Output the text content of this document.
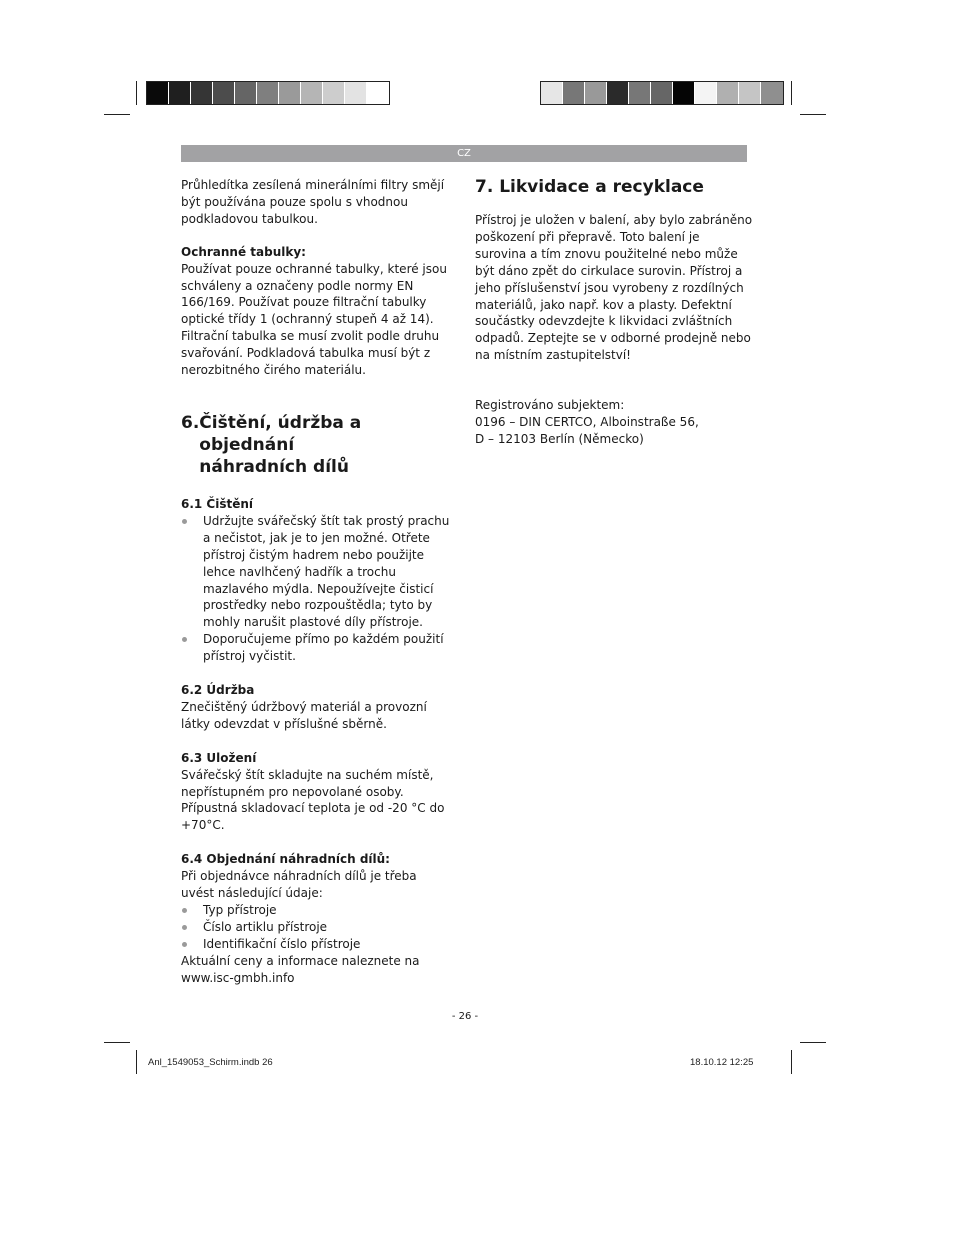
CZ

Průhledítka zesílená minerálními filtry smějí být používána pouze spolu s vhodnou podkladovou tabulkou.

Ochranné tabulky:

Používat pouze ochranné tabulky, které jsou schváleny a označeny podle normy EN 166/169. Používat pouze filtrační tabulky optické třídy 1 (ochranný stupeň 4 až 14). Filtrační tabulka se musí zvolit podle druhu svařování. Podkladová tabulka musí být z nerozbitného čirého materiálu.

6. Čištění, údržba a objednání
náhradních dílů

6.1 Čištění

Udržujte svářečský štít tak prostý prachu a nečistot, jak je to jen možné. Otřete přístroj čistým hadrem nebo použijte lehce navlhčený hadřík a trochu mazlavého mýdla. Nepoužívejte čisticí prostředky nebo rozpouštědla; tyto by mohly narušit plastové díly přístroje.
Doporučujeme přímo po každém použití přístroj vyčistit.

6.2 Údržba

Znečištěný údržbový materiál a provozní látky odevzdat v příslušné sběrně.

6.3 Uložení

Svářečský štít skladujte na suchém místě, nepřístupném pro nepovolané osoby. Přípustná skladovací teplota je od -20 °C do +70°C.

6.4 Objednání náhradních dílů:

Při objednávce náhradních dílů je třeba uvést následující údaje:

Typ přístroje
Číslo artiklu přístroje
Identifikační číslo přístroje

Aktuální ceny a informace naleznete na

www.isc-gmbh.info

7. Likvidace a recyklace

Přístroj je uložen v balení, aby bylo zabráněno poškození při přepravě. Toto balení je surovina a tím znovu použitelné nebo může být dáno zpět do cirkulace surovin. Přístroj a jeho příslušenství jsou vyrobeny z rozdílných materiálů, jako např. kov a plasty. Defektní součástky odevzdejte k likvidaci zvláštních odpadů. Zeptejte se v odborné prodejně nebo na místním zastupitelství!

Registrováno subjektem:

0196 – DIN CERTCO, Alboinstraße 56,

D – 12103 Berlín (Německo)

- 26 -
Anl_1549053_Schirm.indb 26	18.10.12 12:25
